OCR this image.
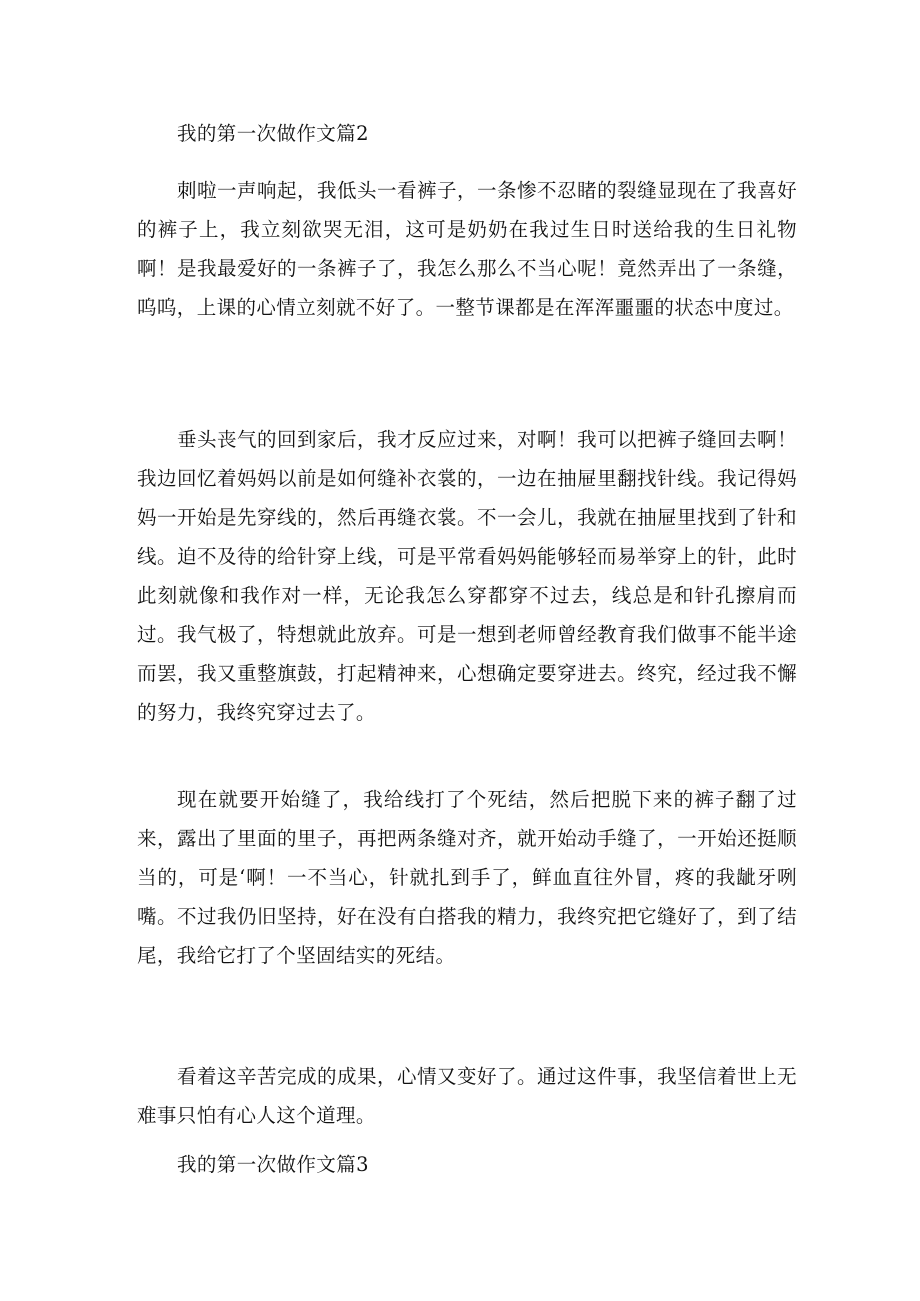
我的第一次做作文篇2

刺啦一声响起，我低头一看裤子，一条惨不忍睹的裂缝显现在了我喜好的裤子上，我立刻欲哭无泪，这可是奶奶在我过生日时送给我的生日礼物啊！是我最爱好的一条裤子了，我怎么那么不当心呢！竟然弄出了一条缝，呜呜，上课的心情立刻就不好了。一整节课都是在浑浑噩噩的状态中度过。

垂头丧气的回到家后，我才反应过来，对啊！我可以把裤子缝回去啊！我边回忆着妈妈以前是如何缝补衣裳的，一边在抽屉里翻找针线。我记得妈妈一开始是先穿线的，然后再缝衣裳。不一会儿，我就在抽屉里找到了针和线。迫不及待的给针穿上线，可是平常看妈妈能够轻而易举穿上的针，此时此刻就像和我作对一样，无论我怎么穿都穿不过去，线总是和针孔擦肩而过。我气极了，特想就此放弃。可是一想到老师曾经教育我们做事不能半途而罢，我又重整旗鼓，打起精神来，心想确定要穿进去。终究，经过我不懈的努力，我终究穿过去了。

现在就要开始缝了，我给线打了个死结，然后把脱下来的裤子翻了过来，露出了里面的里子，再把两条缝对齐，就开始动手缝了，一开始还挺顺当的，可是‘啊！一不当心，针就扎到手了，鲜血直往外冒，疼的我龇牙咧嘴。不过我仍旧坚持，好在没有白搭我的精力，我终究把它缝好了，到了结尾，我给它打了个坚固结实的死结。

看着这辛苦完成的成果，心情又变好了。通过这件事，我坚信着世上无难事只怕有心人这个道理。

我的第一次做作文篇3
